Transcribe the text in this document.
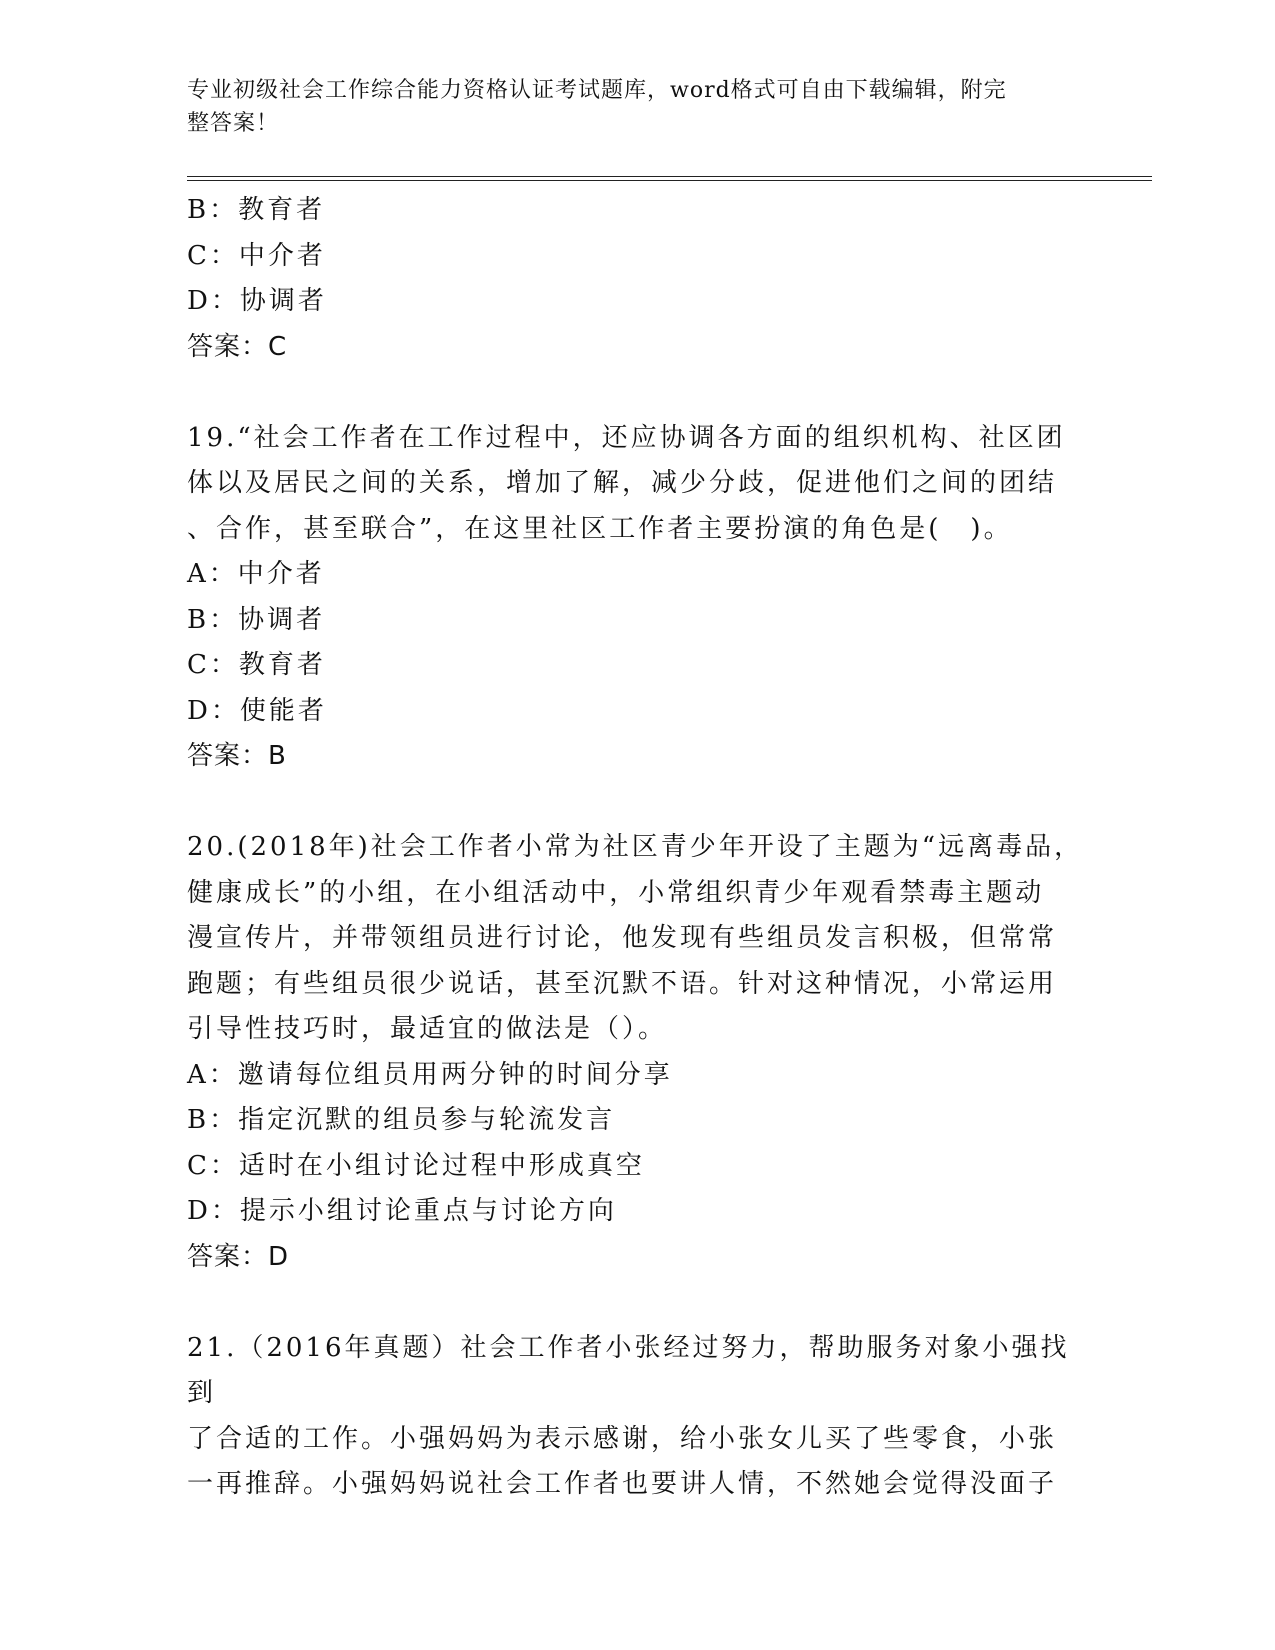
专业初级社会工作综合能力资格认证考试题库，word格式可自由下载编辑，附完
整答案！
B：教育者
C：中介者
D：协调者
答案：C
19.“社会工作者在工作过程中，还应协调各方面的组织机构、社区团
体以及居民之间的关系，增加了解，减少分歧，促进他们之间的团结
、合作，甚至联合”，在这里社区工作者主要扮演的角色是(　)。
A：中介者
B：协调者
C：教育者
D：使能者
答案：B
20.(2018年)社会工作者小常为社区青少年开设了主题为“远离毒品，
健康成长”的小组，在小组活动中，小常组织青少年观看禁毒主题动
漫宣传片，并带领组员进行讨论，他发现有些组员发言积极，但常常
跑题；有些组员很少说话，甚至沉默不语。针对这种情况，小常运用
引导性技巧时，最适宜的做法是（）。
A：邀请每位组员用两分钟的时间分享
B：指定沉默的组员参与轮流发言
C：适时在小组讨论过程中形成真空
D：提示小组讨论重点与讨论方向
答案：D
21.（2016年真题）社会工作者小张经过努力，帮助服务对象小强找到
了合适的工作。小强妈妈为表示感谢，给小张女儿买了些零食，小张
一再推辞。小强妈妈说社会工作者也要讲人情，不然她会觉得没面子
